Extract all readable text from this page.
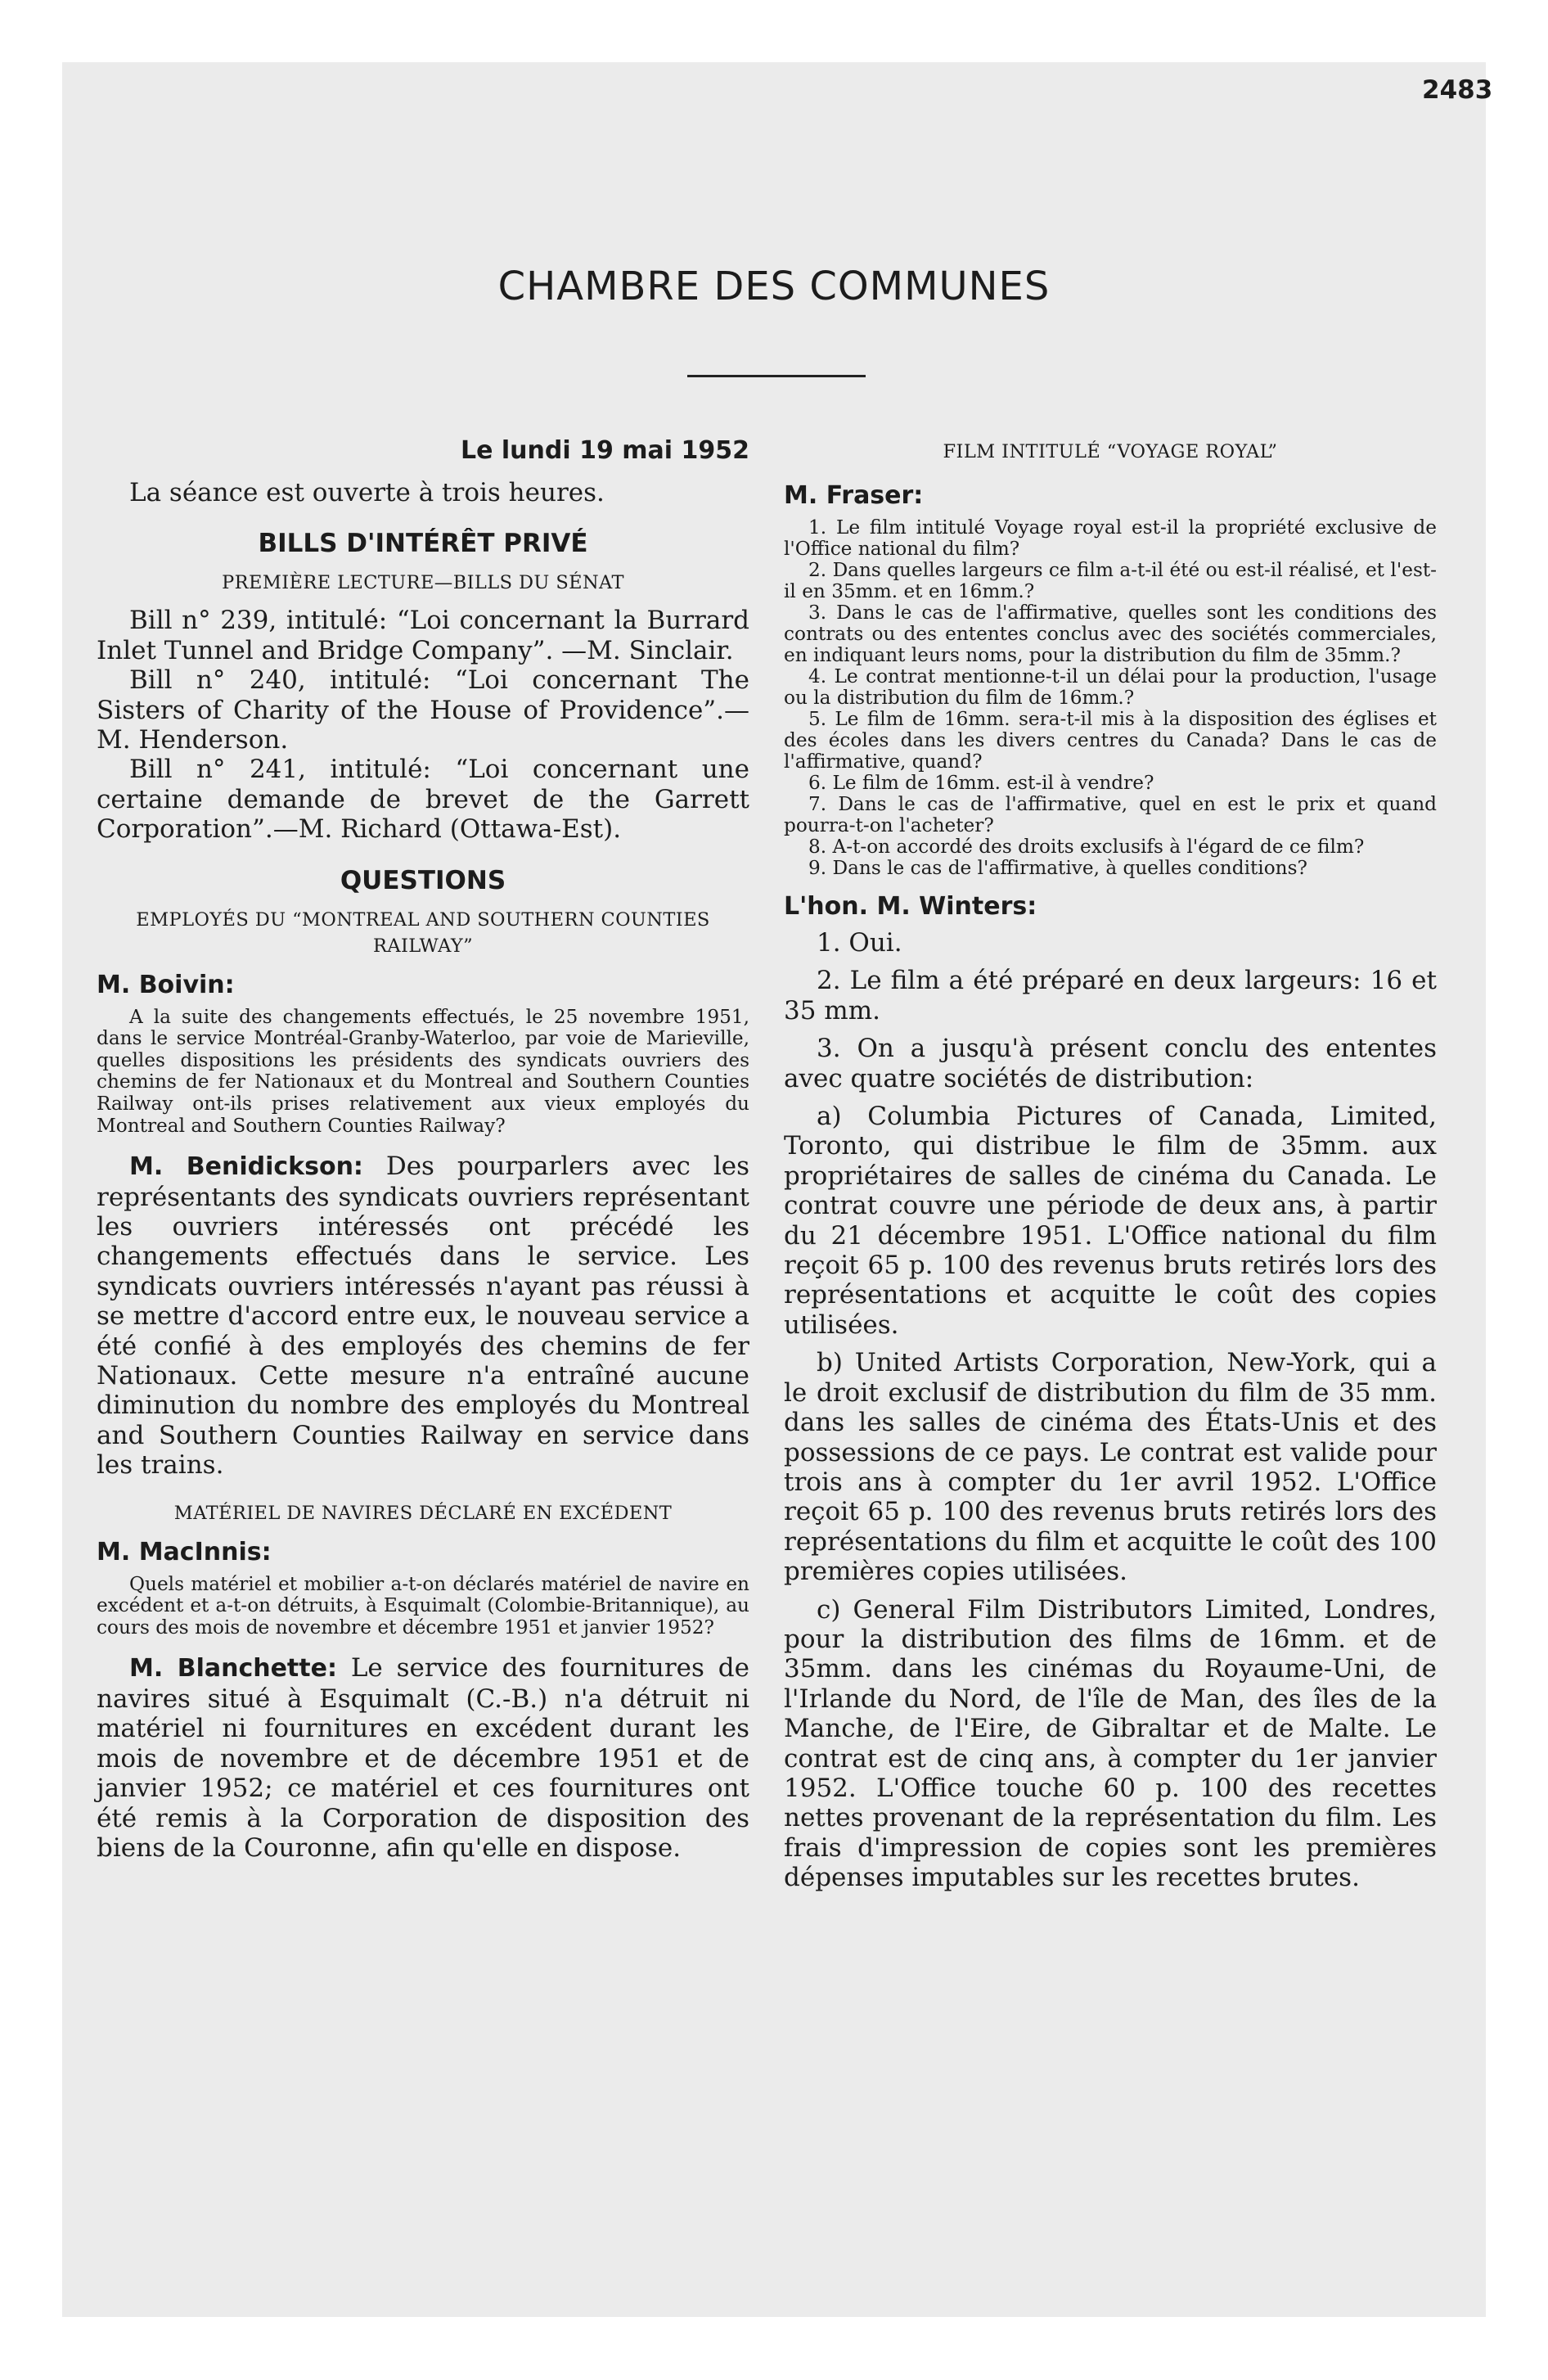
2483
CHAMBRE DES COMMUNES

Le lundi 19 mai 1952

La séance est ouverte à trois heures.

BILLS D'INTÉRÊT PRIVÉ

PREMIÈRE LECTURE—BILLS DU SÉNAT

Bill n° 239, intitulé: “Loi concernant la Burrard Inlet Tunnel and Bridge Company”. —M. Sinclair.

Bill n° 240, intitulé: “Loi concernant The Sisters of Charity of the House of Providence”.—M. Henderson.

Bill n° 241, intitulé: “Loi concernant une certaine demande de brevet de the Garrett Corporation”.—M. Richard (Ottawa-Est).

QUESTIONS

EMPLOYÉS DU “MONTREAL AND SOUTHERN COUNTIES RAILWAY”

M. Boivin:

A la suite des changements effectués, le 25 novembre 1951, dans le service Montréal-Granby-Waterloo, par voie de Marieville, quelles dispositions les présidents des syndicats ouvriers des chemins de fer Nationaux et du Montreal and Southern Counties Railway ont-ils prises relativement aux vieux employés du Montreal and Southern Counties Railway?

M. Benidickson: Des pourparlers avec les représentants des syndicats ouvriers représentant les ouvriers intéressés ont précédé les changements effectués dans le service. Les syndicats ouvriers intéressés n'ayant pas réussi à se mettre d'accord entre eux, le nouveau service a été confié à des employés des chemins de fer Nationaux. Cette mesure n'a entraîné aucune diminution du nombre des employés du Montreal and Southern Counties Railway en service dans les trains.

MATÉRIEL DE NAVIRES DÉCLARÉ EN EXCÉDENT

M. MacInnis:

Quels matériel et mobilier a-t-on déclarés matériel de navire en excédent et a-t-on détruits, à Esquimalt (Colombie-Britannique), au cours des mois de novembre et décembre 1951 et janvier 1952?

M. Blanchette: Le service des fournitures de navires situé à Esquimalt (C.-B.) n'a détruit ni matériel ni fournitures en excédent durant les mois de novembre et de décembre 1951 et de janvier 1952; ce matériel et ces fournitures ont été remis à la Corporation de disposition des biens de la Couronne, afin qu'elle en dispose.

FILM INTITULÉ “VOYAGE ROYAL”

M. Fraser:

1. Le film intitulé Voyage royal est-il la propriété exclusive de l'Office national du film?

2. Dans quelles largeurs ce film a-t-il été ou est-il réalisé, et l'est-il en 35mm. et en 16mm.?

3. Dans le cas de l'affirmative, quelles sont les conditions des contrats ou des ententes conclus avec des sociétés commerciales, en indiquant leurs noms, pour la distribution du film de 35mm.?

4. Le contrat mentionne-t-il un délai pour la production, l'usage ou la distribution du film de 16mm.?

5. Le film de 16mm. sera-t-il mis à la disposition des églises et des écoles dans les divers centres du Canada? Dans le cas de l'affirmative, quand?

6. Le film de 16mm. est-il à vendre?

7. Dans le cas de l'affirmative, quel en est le prix et quand pourra-t-on l'acheter?

8. A-t-on accordé des droits exclusifs à l'égard de ce film?

9. Dans le cas de l'affirmative, à quelles conditions?

L'hon. M. Winters:

1. Oui.

2. Le film a été préparé en deux largeurs: 16 et 35 mm.

3. On a jusqu'à présent conclu des ententes avec quatre sociétés de distribution:

a) Columbia Pictures of Canada, Limited, Toronto, qui distribue le film de 35mm. aux propriétaires de salles de cinéma du Canada. Le contrat couvre une période de deux ans, à partir du 21 décembre 1951. L'Office national du film reçoit 65 p. 100 des revenus bruts retirés lors des représentations et acquitte le coût des copies utilisées.

b) United Artists Corporation, New-York, qui a le droit exclusif de distribution du film de 35 mm. dans les salles de cinéma des États-Unis et des possessions de ce pays. Le contrat est valide pour trois ans à compter du 1er avril 1952. L'Office reçoit 65 p. 100 des revenus bruts retirés lors des représentations du film et acquitte le coût des 100 premières copies utilisées.

c) General Film Distributors Limited, Londres, pour la distribution des films de 16mm. et de 35mm. dans les cinémas du Royaume-Uni, de l'Irlande du Nord, de l'île de Man, des îles de la Manche, de l'Eire, de Gibraltar et de Malte. Le contrat est de cinq ans, à compter du 1er janvier 1952. L'Office touche 60 p. 100 des recettes nettes provenant de la représentation du film. Les frais d'impression de copies sont les premières dépenses imputables sur les recettes brutes.
